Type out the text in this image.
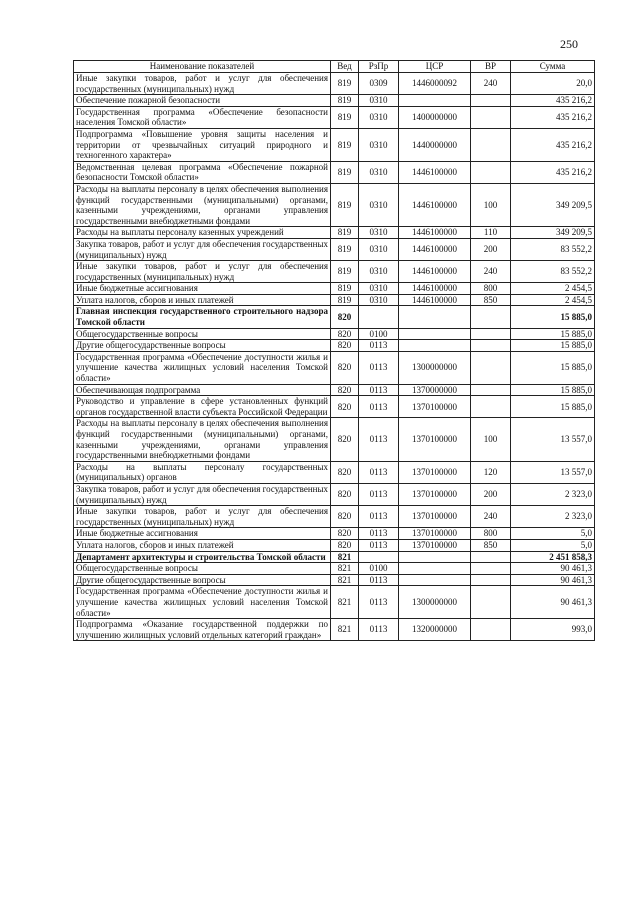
250
Наименование показателей	Вед	РзПр	ЦСР	ВР	Сумма
Иные закупки товаров, работ и услуг для обеспечения государственных (муниципальных) нужд	819	0309	1446000092	240	20,0
Обеспечение пожарной безопасности	819	0310			435 216,2
Государственная программа «Обеспечение безопасности населения Томской области»	819	0310	1400000000		435 216,2
Подпрограмма «Повышение уровня защиты населения и территории от чрезвычайных ситуаций природного и техногенного характера»	819	0310	1440000000		435 216,2
Ведомственная целевая программа «Обеспечение пожарной безопасности Томской области»	819	0310	1446100000		435 216,2
Расходы на выплаты персоналу в целях обеспечения выполнения функций государственными (муниципальными) органами, казенными учреждениями, органами управления государственными внебюджетными фондами	819	0310	1446100000	100	349 209,5
Расходы на выплаты персоналу казенных учреждений	819	0310	1446100000	110	349 209,5
Закупка товаров, работ и услуг для обеспечения государственных (муниципальных) нужд	819	0310	1446100000	200	83 552,2
Иные закупки товаров, работ и услуг для обеспечения государственных (муниципальных) нужд	819	0310	1446100000	240	83 552,2
Иные бюджетные ассигнования	819	0310	1446100000	800	2 454,5
Уплата налогов, сборов и иных платежей	819	0310	1446100000	850	2 454,5
Главная инспекция государственного строительного надзора Томской области	820				15 885,0
Общегосударственные вопросы	820	0100			15 885,0
Другие общегосударственные вопросы	820	0113			15 885,0
Государственная программа «Обеспечение доступности жилья и улучшение качества жилищных условий населения Томской области»	820	0113	1300000000		15 885,0
Обеспечивающая подпрограмма	820	0113	1370000000		15 885,0
Руководство и управление в сфере установленных функций органов государственной власти субъекта Российской Федерации	820	0113	1370100000		15 885,0
Расходы на выплаты персоналу в целях обеспечения выполнения функций государственными (муниципальными) органами, казенными учреждениями, органами управления государственными внебюджетными фондами	820	0113	1370100000	100	13 557,0
Расходы на выплаты персоналу государственных (муниципальных) органов	820	0113	1370100000	120	13 557,0
Закупка товаров, работ и услуг для обеспечения государственных (муниципальных) нужд	820	0113	1370100000	200	2 323,0
Иные закупки товаров, работ и услуг для обеспечения государственных (муниципальных) нужд	820	0113	1370100000	240	2 323,0
Иные бюджетные ассигнования	820	0113	1370100000	800	5,0
Уплата налогов, сборов и иных платежей	820	0113	1370100000	850	5,0
Департамент архитектуры и строительства Томской области	821				2 451 858,3
Общегосударственные вопросы	821	0100			90 461,3
Другие общегосударственные вопросы	821	0113			90 461,3
Государственная программа «Обеспечение доступности жилья и улучшение качества жилищных условий населения Томской области»	821	0113	1300000000		90 461,3
Подпрограмма «Оказание государственной поддержки по улучшению жилищных условий отдельных категорий граждан»	821	0113	1320000000		993,0
